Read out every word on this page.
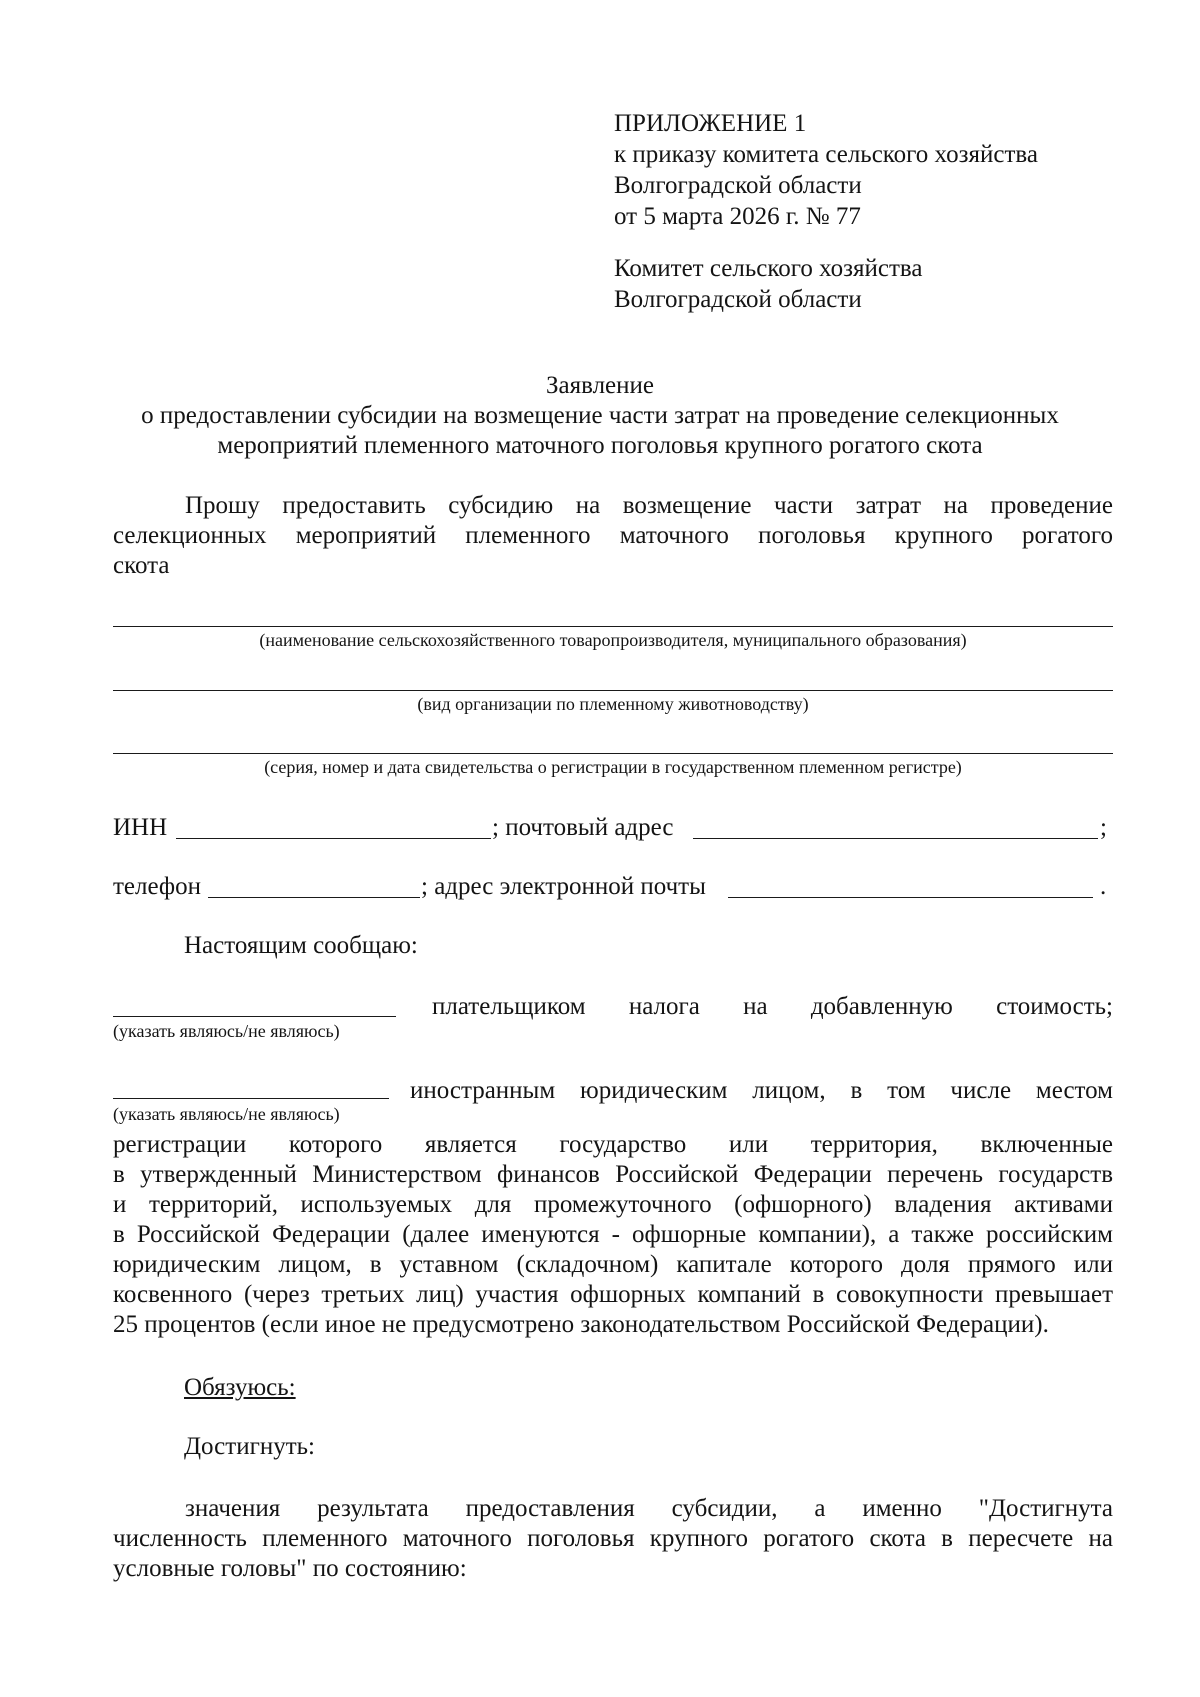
ПРИЛОЖЕНИЕ 1
к приказу комитета сельского хозяйства
Волгоградской области
от 5 марта 2026 г. № 77
Комитет сельского хозяйства
Волгоградской области
Заявление
о предоставлении субсидии на возмещение части затрат на проведение селекционных
мероприятий племенного маточного поголовья крупного рогатого скота
Прошу предоставить субсидию на возмещение части затрат на проведение
селекционных мероприятий племенного маточного поголовья крупного рогатого
скота
(наименование сельскохозяйственного товаропроизводителя, муниципального образования)
(вид организации по племенному животноводству)
(серия, номер и дата свидетельства о регистрации в государственном племенном регистре)
ИНН	; почтовый адрес	;
телефон	; адрес электронной почты	.
Настоящим сообщаю:
плательщиком налога на добавленную стоимость;
(указать являюсь/не являюсь)
иностранным юридическим лицом, в том числе местом
(указать являюсь/не являюсь)
регистрации которого является государство или территория, включенные
в утвержденный Министерством финансов Российской Федерации перечень государств
и территорий, используемых для промежуточного (офшорного) владения активами
в Российской Федерации (далее именуются - офшорные компании), а также российским
юридическим лицом, в уставном (складочном) капитале которого доля прямого или
косвенного (через третьих лиц) участия офшорных компаний в совокупности превышает
25 процентов (если иное не предусмотрено законодательством Российской Федерации).
Обязуюсь:
Достигнуть:
значения результата предоставления субсидии, а именно "Достигнута
численность племенного маточного поголовья крупного рогатого скота в пересчете на
условные головы" по состоянию:
